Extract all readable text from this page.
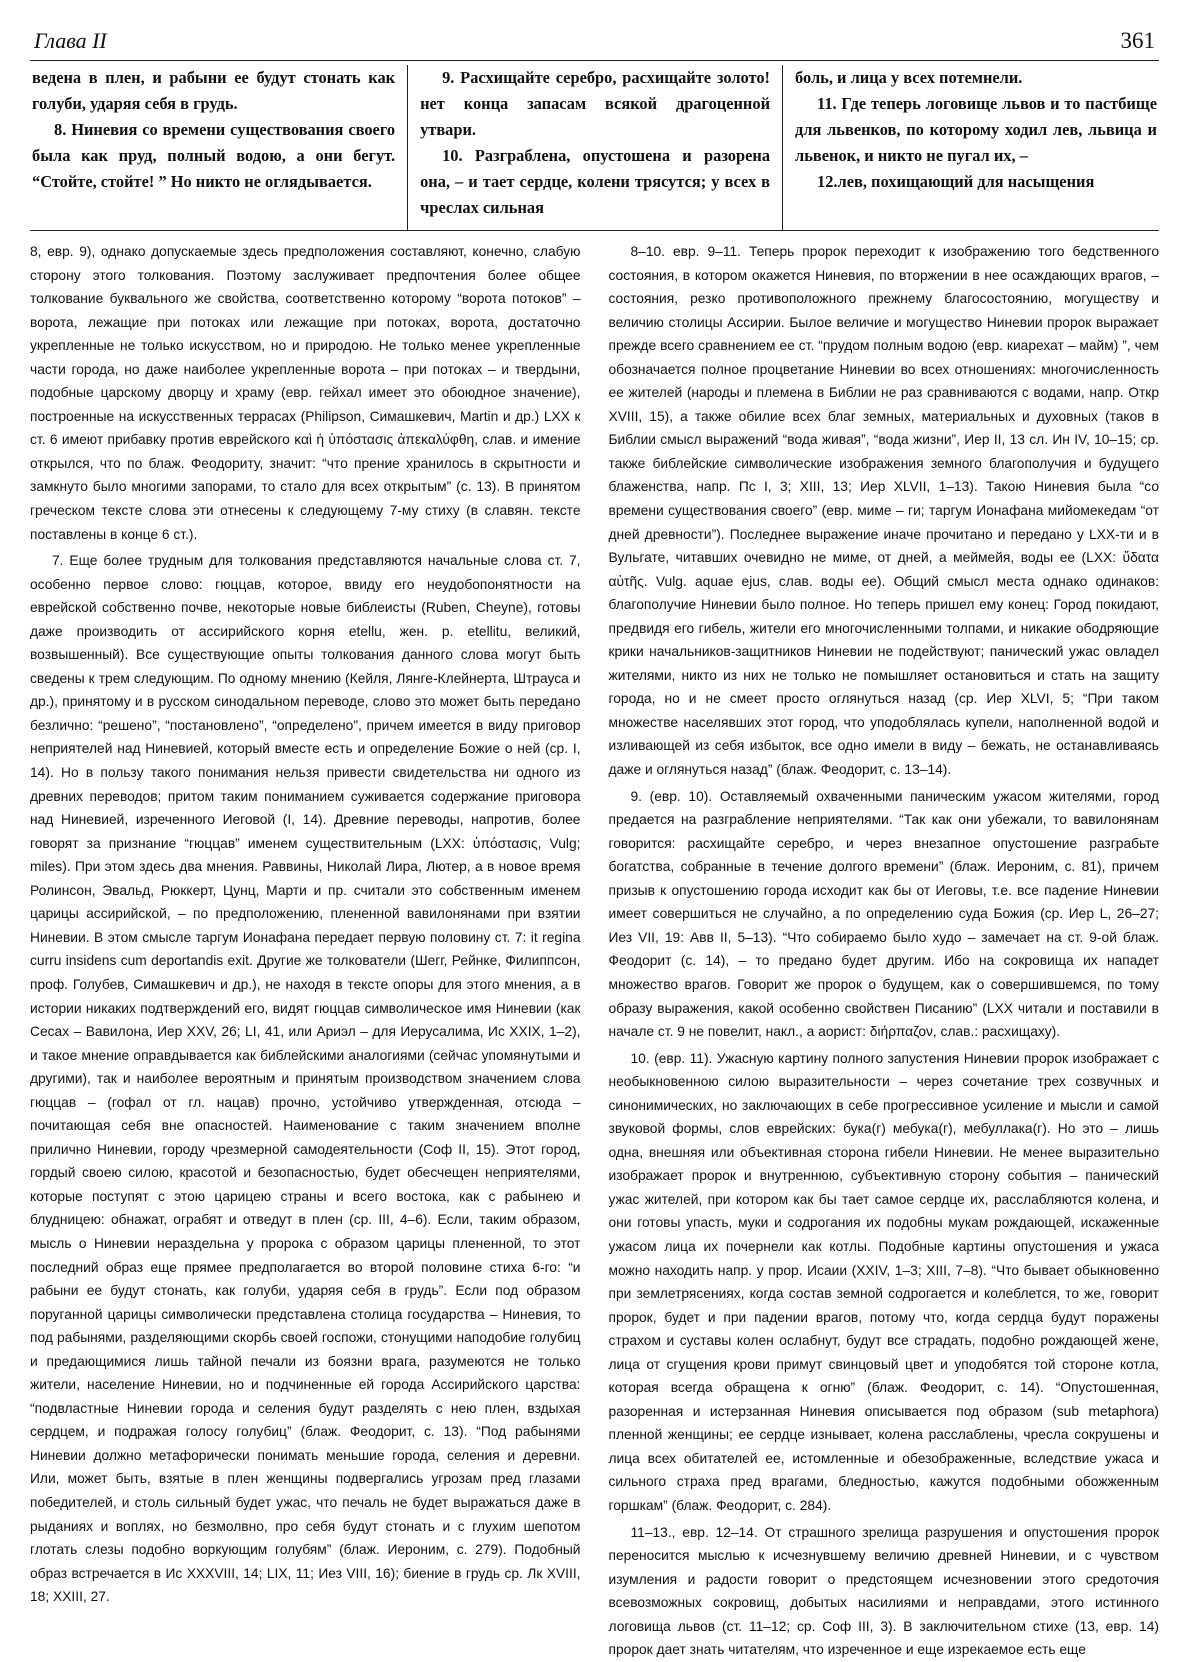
Глава II	361

ведена в плен, и рабыни ее будут стонать как голуби, ударяя себя в грудь.

8. Ниневия со времени существования своего была как пруд, полный водою, а они бегут. “Стойте, стойте! ” Но никто не оглядывается.

9. Расхищайте серебро, расхищайте золото! нет конца запасам всякой драгоценной утвари.

10. Разграблена, опустошена и разорена она, – и тает сердце, колени трясутся; у всех в чреслах сильная

боль, и лица у всех потемнели.

11. Где теперь логовище львов и то пастбище для львенков, по которому ходил лев, львица и львенок, и никто не пугал их, –

12.лев, похищающий для насыщения

8, евр. 9), однако допускаемые здесь предположения составляют, конечно, слабую сторону этого толкования. Поэтому заслуживает предпочтения более общее толкование буквального же свойства, соответственно которому “ворота потоков” – ворота, лежащие при потоках или лежащие при потоках, ворота, достаточно укрепленные не только искусством, но и природою. Не только менее укрепленные части города, но даже наиболее укрепленные ворота – при потоках – и твердыни, подобные царскому дворцу и храму (евр. гейхал имеет это обоюдное значение), построенные на искусственных террасах (Philipson, Симашкевич, Martin и др.) LXX к ст. 6 имеют прибавку против еврейского καὶ ἡ ὑπόστασις ἀπεκαλύφθη, слав. и имение открылся, что по блаж. Феодориту, значит: “что прение хранилось в скрытности и замкнуто было многими запорами, то стало для всех открытым” (с. 13). В принятом греческом тексте слова эти отнесены к следующему 7-му стиху (в славян. тексте поставлены в конце 6 ст.).

7. Еще более трудным для толкования представляются начальные слова ст. 7, особенно первое слово: гюццав, которое, ввиду его неудобопонятности на еврейской собственно почве, некоторые новые библеисты (Ruben, Cheyne), готовы даже производить от ассирийского корня etellu, жен. р. etellitu, великий, возвышенный). Все существующие опыты толкования данного слова могут быть сведены к трем следующим. По одному мнению (Кейля, Лянге-Клейнерта, Штрауса и др.), принятому и в русском синодальном переводе, слово это может быть передано безлично: “решено”, “постановлено”, “определено”, причем имеется в виду приговор неприятелей над Ниневией, который вместе есть и определение Божие о ней (ср. I, 14). Но в пользу такого понимания нельзя привести свидетельства ни одного из древних переводов; притом таким пониманием суживается содержание приговора над Ниневией, изреченного Иеговой (I, 14). Древние переводы, напротив, более говорят за признание “гюццав” именем существительным (LXX: ὑπόστασις, Vulg; miles). При этом здесь два мнения. Раввины, Николай Лира, Лютер, а в новое время Ролинсон, Эвальд, Рюккерт, Цунц, Марти и пр. считали это собственным именем царицы ассирийской, – по предположению, плененной вавилонянами при взятии Ниневии. В этом смысле таргум Ионафана передает первую половину ст. 7: it regina curru insidens cum deportandis exit. Другие же толкователи (Шегг, Рейнке, Филиппсон, проф. Голубев, Симашкевич и др.), не находя в тексте опоры для этого мнения, а в истории никаких подтверждений его, видят гюццав символическое имя Ниневии (как Сесах – Вавилона, Иер XXV, 26; LI, 41, или Ариэл – для Иерусалима, Ис XXIX, 1–2), и такое мнение оправдывается как библейскими аналогиями (сейчас упомянутыми и другими), так и наиболее вероятным и принятым производством значением слова гюццав – (гофал от гл. нацав) прочно, устойчиво утвержденная, отсюда – почитающая себя вне опасностей. Наименование с таким значением вполне прилично Ниневии, городу чрезмерной самодеятельности (Соф II, 15). Этот город, гордый своею силою, красотой и безопасностью, будет обесчещен неприятелями, которые поступят с этою царицею страны и всего востока, как с рабынею и блудницею: обнажат, ограбят и отведут в плен (ср. III, 4–6). Если, таким образом, мысль о Ниневии нераздельна у пророка с образом царицы плененной, то этот последний образ еще прямее предполагается во второй половине стиха 6-го: “и рабыни ее будут стонать, как голуби, ударяя себя в грудь”. Если под образом поруганной царицы символически представлена столица государства – Ниневия, то под рабынями, разделяющими скорбь своей госпожи, стонущими наподобие голубиц и предающимися лишь тайной печали из боязни врага, разумеются не только жители, население Ниневии, но и подчиненные ей города Ассирийского царства: “подвластные Ниневии города и селения будут разделять с нею плен, вздыхая сердцем, и подражая голосу голубиц” (блаж. Феодорит, с. 13). “Под рабынями Ниневии должно метафорически понимать меньшие города, селения и деревни. Или, может быть, взятые в плен женщины подвергались угрозам пред глазами победителей, и столь сильный будет ужас, что печаль не будет выражаться даже в рыданиях и воплях, но безмолвно, про себя будут стонать и с глухим шепотом глотать слезы подобно воркующим голубям” (блаж. Иероним, с. 279). Подобный образ встречается в Ис XXXVIII, 14; LIX, 11; Иез VIII, 16); биение в грудь ср. Лк XVIII, 18; XXIII, 27.

8–10. евр. 9–11. Теперь пророк переходит к изображению того бедственного состояния, в котором окажется Ниневия, по вторжении в нее осаждающих врагов, – состояния, резко противоположного прежнему благосостоянию, могуществу и величию столицы Ассирии. Былое величие и могущество Ниневии пророк выражает прежде всего сравнением ее ст. “прудом полным водою (евр. киарехат – майм) ”, чем обозначается полное процветание Ниневии во всех отношениях: многочисленность ее жителей (народы и племена в Библии не раз сравниваются с водами, напр. Откр XVIII, 15), а также обилие всех благ земных, материальных и духовных (таков в Библии смысл выражений “вода живая”, “вода жизни”, Иер II, 13 сл. Ин IV, 10–15; ср. также библейские символические изображения земного благополучия и будущего блаженства, напр. Пс I, 3; XIII, 13; Иер XLVII, 1–13). Такою Ниневия была “со времени существования своего” (евр. миме – ги; таргум Ионафана мийомекедам “от дней древности”). Последнее выражение иначе прочитано и передано у LXX-ти и в Вульгате, читавших очевидно не миме, от дней, а меймейя, воды ее (LXX: ὕδατα αὐτῆς. Vulg. aquae ejus, слав. воды ее). Общий смысл места однако одинаков: благополучие Ниневии было полное. Но теперь пришел ему конец: Город покидают, предвидя его гибель, жители его многочисленными толпами, и никакие ободряющие крики начальников-защитников Ниневии не подействуют; панический ужас овладел жителями, никто из них не только не помышляет остановиться и стать на защиту города, но и не смеет просто оглянуться назад (ср. Иер XLVI, 5; “При таком множестве населявших этот город, что уподоблялась купели, наполненной водой и изливающей из себя избыток, все одно имели в виду – бежать, не останавливаясь даже и оглянуться назад” (блаж. Феодорит, с. 13–14).

9. (евр. 10). Оставляемый охваченными паническим ужасом жителями, город предается на разграбление неприятелями. “Так как они убежали, то вавилонянам говорится: расхищайте серебро, и через внезапное опустошение разграбьте богатства, собранные в течение долгого времени” (блаж. Иероним, с. 81), причем призыв к опустошению города исходит как бы от Иеговы, т.е. все падение Ниневии имеет совершиться не случайно, а по определению суда Божия (ср. Иер L, 26–27; Иез VII, 19: Авв II, 5–13). “Что собираемо было худо – замечает на ст. 9-ой блаж. Феодорит (с. 14), – то предано будет другим. Ибо на сокровища их нападет множество врагов. Говорит же пророк о будущем, как о совершившемся, по тому образу выражения, какой особенно свойствен Писанию” (LXX читали и поставили в начале ст. 9 не повелит, накл., а аорист: διήρπαζον, слав.: расхищаху).

10. (евр. 11). Ужасную картину полного запустения Ниневии пророк изображает с необыкновенною силою выразительности – через сочетание трех созвучных и синонимических, но заключающих в себе прогрессивное усиление и мысли и самой звуковой формы, слов еврейских: бука(г) мебука(г), мебуллака(г). Но это – лишь одна, внешняя или объективная сторона гибели Ниневии. Не менее выразительно изображает пророк и внутреннюю, субъективную сторону события – панический ужас жителей, при котором как бы тает самое сердце их, расслабляются колена, и они готовы упасть, муки и содрогания их подобны мукам рождающей, искаженные ужасом лица их почернели как котлы. Подобные картины опустошения и ужаса можно находить напр. у прор. Исаии (XXIV, 1–3; XIII, 7–8). “Что бывает обыкновенно при землетрясениях, когда состав земной содрогается и колеблется, то же, говорит пророк, будет и при падении врагов, потому что, когда сердца будут поражены страхом и суставы колен ослабнут, будут все страдать, подобно рождающей жене, лица от сгущения крови примут свинцовый цвет и уподобятся той стороне котла, которая всегда обращена к огню” (блаж. Феодорит, с. 14). “Опустошенная, разоренная и истерзанная Ниневия описывается под образом (sub metaphora) пленной женщины; ее сердце изнывает, колена расслаблены, чресла сокрушены и лица всех обитателей ее, истомленные и обезображенные, вследствие ужаса и сильного страха пред врагами, бледностью, кажутся подобными обожженным горшкам” (блаж. Феодорит, с. 284).

11–13., евр. 12–14. От страшного зрелища разрушения и опустошения пророк переносится мыслью к исчезнувшему величию древней Ниневии, и с чувством изумления и радости говорит о предстоящем исчезновении этого средоточия всевозможных сокровищ, добытых насилиями и неправдами, этого истинного логовища львов (ст. 11–12; ср. Соф III, 3). В заключительном стихе (13, евр. 14) пророк дает знать читателям, что изреченное и еще изрекаемое есть еще
